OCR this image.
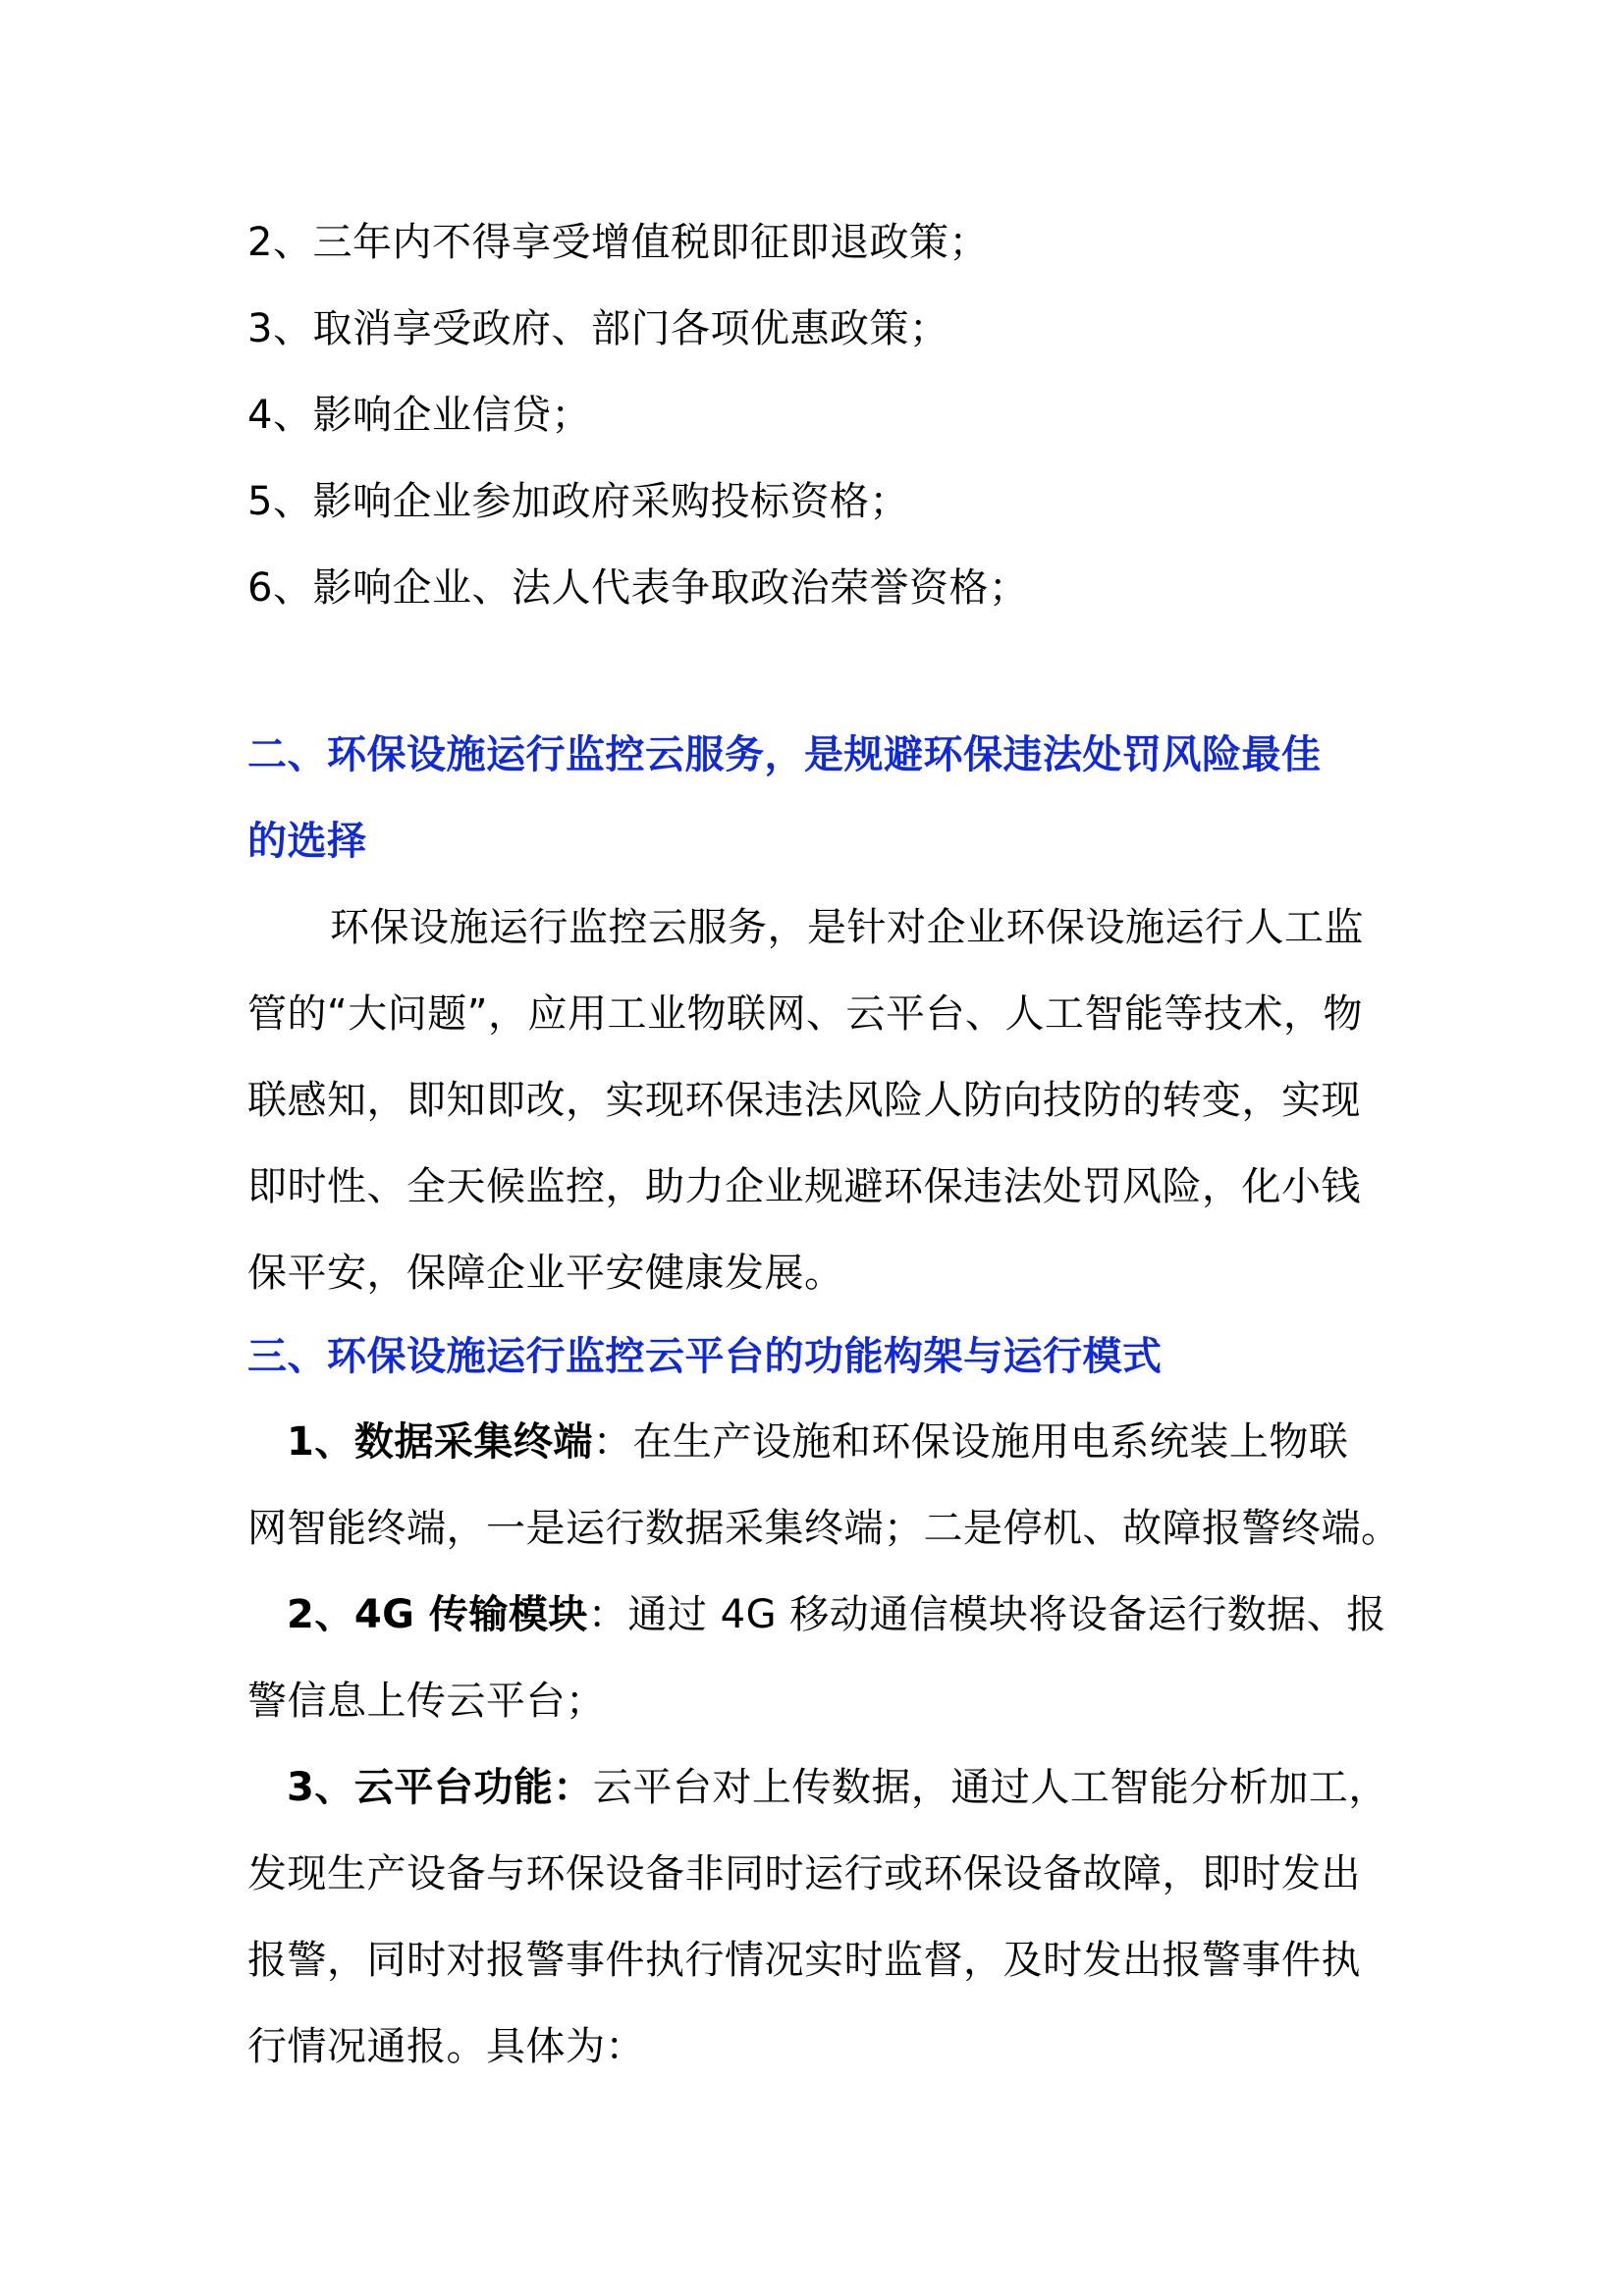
2、三年内不得享受增值税即征即退政策；
3、取消享受政府、部门各项优惠政策；
4、影响企业信贷；
5、影响企业参加政府采购投标资格；
6、影响企业、法人代表争取政治荣誉资格；
二、环保设施运行监控云服务，是规避环保违法处罚风险最佳
的选择
环保设施运行监控云服务，是针对企业环保设施运行人工监
管的“大问题”，应用工业物联网、云平台、人工智能等技术，物
联感知，即知即改，实现环保违法风险人防向技防的转变，实现
即时性、全天候监控，助力企业规避环保违法处罚风险，化小钱
保平安，保障企业平安健康发展。
三、环保设施运行监控云平台的功能构架与运行模式
1、数据采集终端：在生产设施和环保设施用电系统装上物联
网智能终端，一是运行数据采集终端；二是停机、故障报警终端。
2、4G 传输模块：通过 4G 移动通信模块将设备运行数据、报
警信息上传云平台；
3、云平台功能：云平台对上传数据，通过人工智能分析加工，
发现生产设备与环保设备非同时运行或环保设备故障，即时发出
报警，同时对报警事件执行情况实时监督，及时发出报警事件执
行情况通报。具体为：
